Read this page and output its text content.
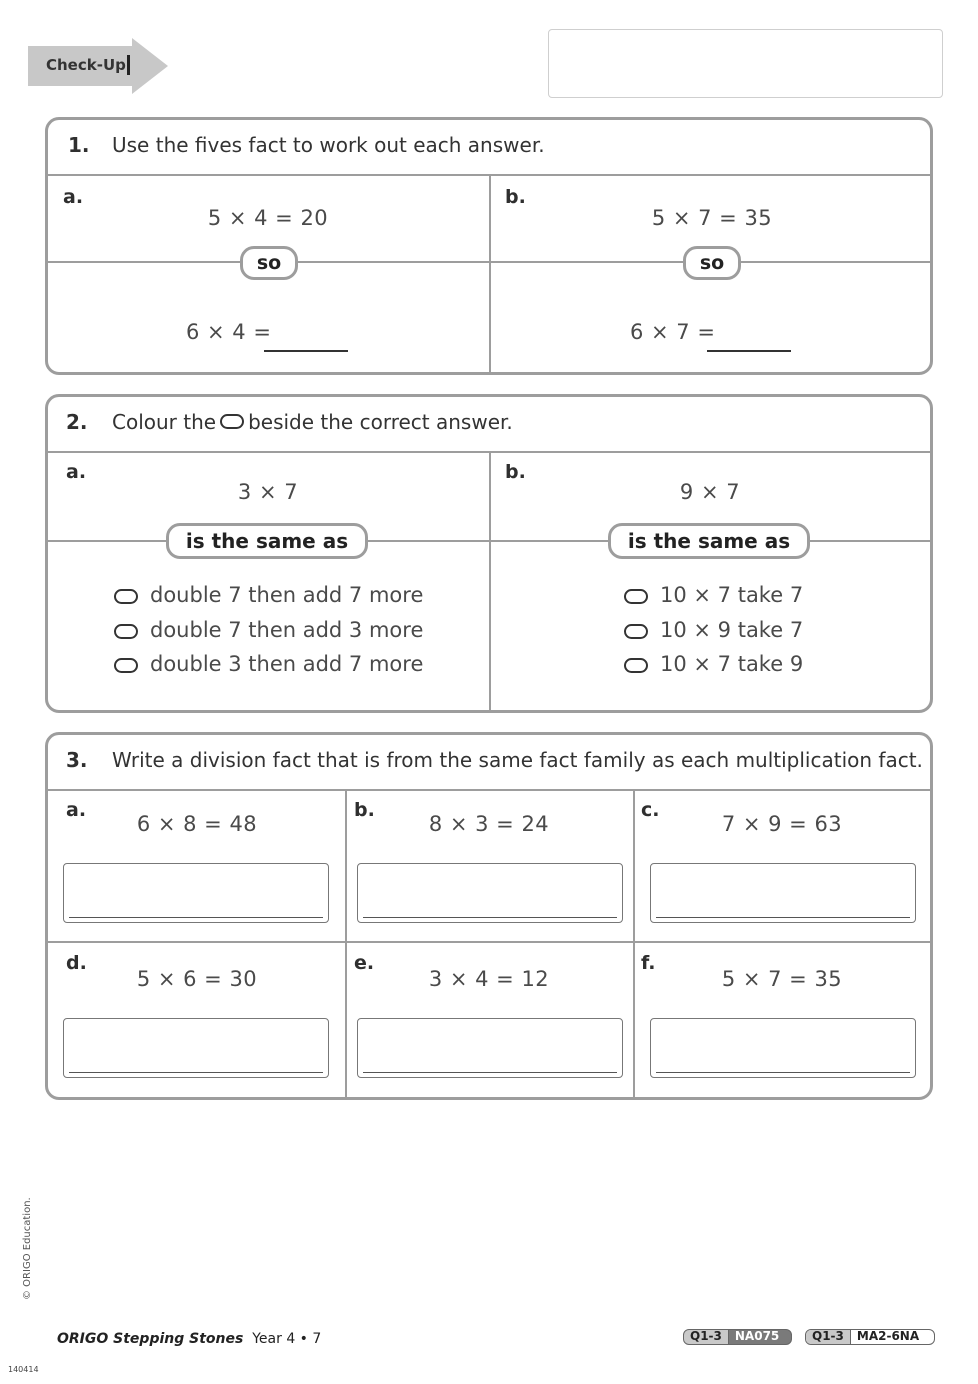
Check-Up
1. Use the fives fact to work out each answer.
a.
5 × 4 = 20
so
6 × 4 =
b.
5 × 7 = 35
so
6 × 7 =
2. Colour the beside the correct answer.
a.
3 × 7
is the same as
double 7 then add 7 more
double 7 then add 3 more
double 3 then add 7 more
b.
9 × 7
is the same as
10 × 7 take 7
10 × 9 take 7
10 × 7 take 9
3. Write a division fact that is from the same fact family as each multiplication fact.
a.
6 × 8 = 48
b.
8 × 3 = 24
c.
7 × 9 = 63
d.
5 × 6 = 30
e.
3 × 4 = 12
f.
5 × 7 = 35
© ORIGO Education.
ORIGO Stepping Stones Year 4 • 7
140414
Q1-3 NA075	Q1-3 MA2-6NA
